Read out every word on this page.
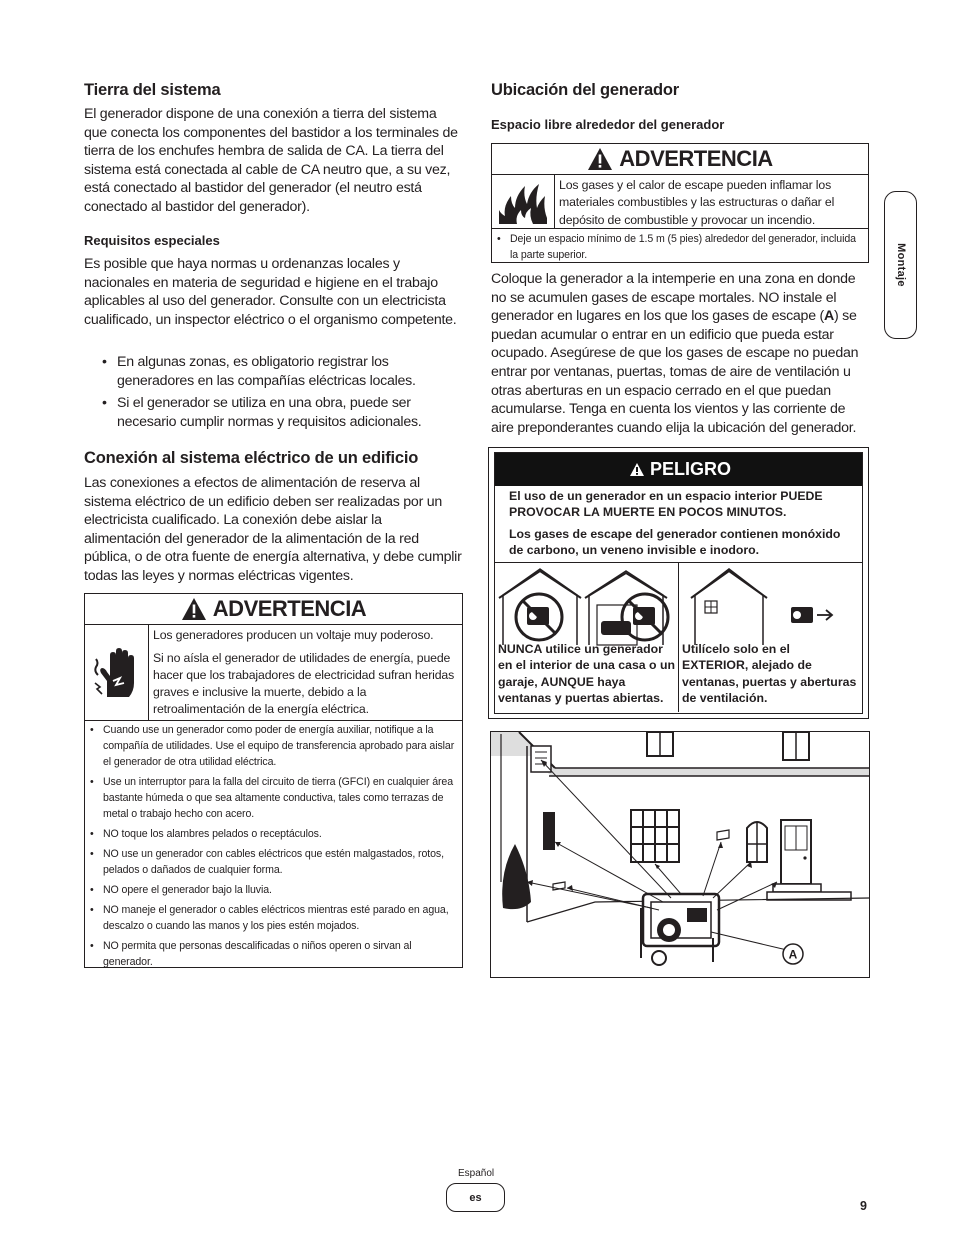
Tierra del sistema

El generador dispone de una conexión a tierra del sistema que conecta los componentes del bastidor a los terminales de tierra de los enchufes hembra de salida de CA. La tierra del sistema está conectada al cable de CA neutro que, a su vez, está conectado al bastidor del generador (el neutro está conectado al bastidor del generador).

Requisitos especiales

Es posible que haya normas u ordenanzas locales y nacionales en materia de seguridad e higiene en el trabajo aplicables al uso del generador. Consulte con un electricista cualificado, un inspector eléctrico o el organismo competente.

• En algunas zonas, es obligatorio registrar los generadores en las compañías eléctricas locales.
• Si el generador se utiliza en una obra, puede ser necesario cumplir normas y requisitos adicionales.
Conexión al sistema eléctrico de un edificio

Las conexiones a efectos de alimentación de reserva al sistema eléctrico de un edificio deben ser realizadas por un electricista cualificado. La conexión debe aislar la alimentación del generador de la alimentación de la red pública, o de otra fuente de energía alternativa, y debe cumplir todas las leyes y normas eléctricas vigentes.

ADVERTENCIA

Los generadores producen un voltaje muy poderoso.

Si no aísla el generador de utilidades de energía, puede hacer que los trabajadores de electricidad sufran heridas graves e inclusive la muerte, debido a la retroalimentación de la energía eléctrica.

• Cuando use un generador como poder de energía auxiliar, notifique a la compañía de utilidades. Use el equipo de transferencia aprobado para aislar el generador de otra utilidad eléctrica.
• Use un interruptor para la falla del circuito de tierra (GFCI) en cualquier área bastante húmeda o que sea altamente conductiva, tales como terrazas de metal o trabajo hecho con acero.
• NO toque los alambres pelados o receptáculos.
• NO use un generador con cables eléctricos que estén malgastados, rotos, pelados o dañados de cualquier forma.
• NO opere el generador bajo la lluvia.
• NO maneje el generador o cables eléctricos mientras esté parado en agua, descalzo o cuando las manos y los pies estén mojados.
• NO permita que personas descalificadas o niños operen o sirvan al generador.
Ubicación del generador
Espacio libre alrededor del generador
ADVERTENCIA

Los gases y el calor de escape pueden inflamar los materiales combustibles y las estructuras o dañar el depósito de combustible y provocar un incendio.

• Deje un espacio mínimo de 1.5 m (5 pies) alrededor del generador, incluida la parte superior.

Coloque la generador a la intemperie en una zona en donde no se acumulen gases de escape mortales. NO instale el generador en lugares en los que los gases de escape (A) se puedan acumular o entrar en un edificio que pueda estar ocupado. Asegúrese de que los gases de escape no puedan entrar por ventanas, puertas, tomas de aire de ventilación u otras aberturas en un espacio cerrado en el que puedan acumularse. Tenga en cuenta los vientos y las corriente de aire preponderantes cuando elija la ubicación del generador.

PELIGRO

El uso de un generador en un espacio interior PUEDE PROVOCAR LA MUERTE EN POCOS MINUTOS.

Los gases de escape del generador contienen monóxido de carbono, un veneno invisible e inodoro.

NUNCA utilice un generador en el interior de una casa o un garaje, AUNQUE haya ventanas y puertas abiertas.
Utilícelo solo en el EXTERIOR, alejado de ventanas, puertas y aberturas de ventilación.
A
Montaje
Español
es
9
